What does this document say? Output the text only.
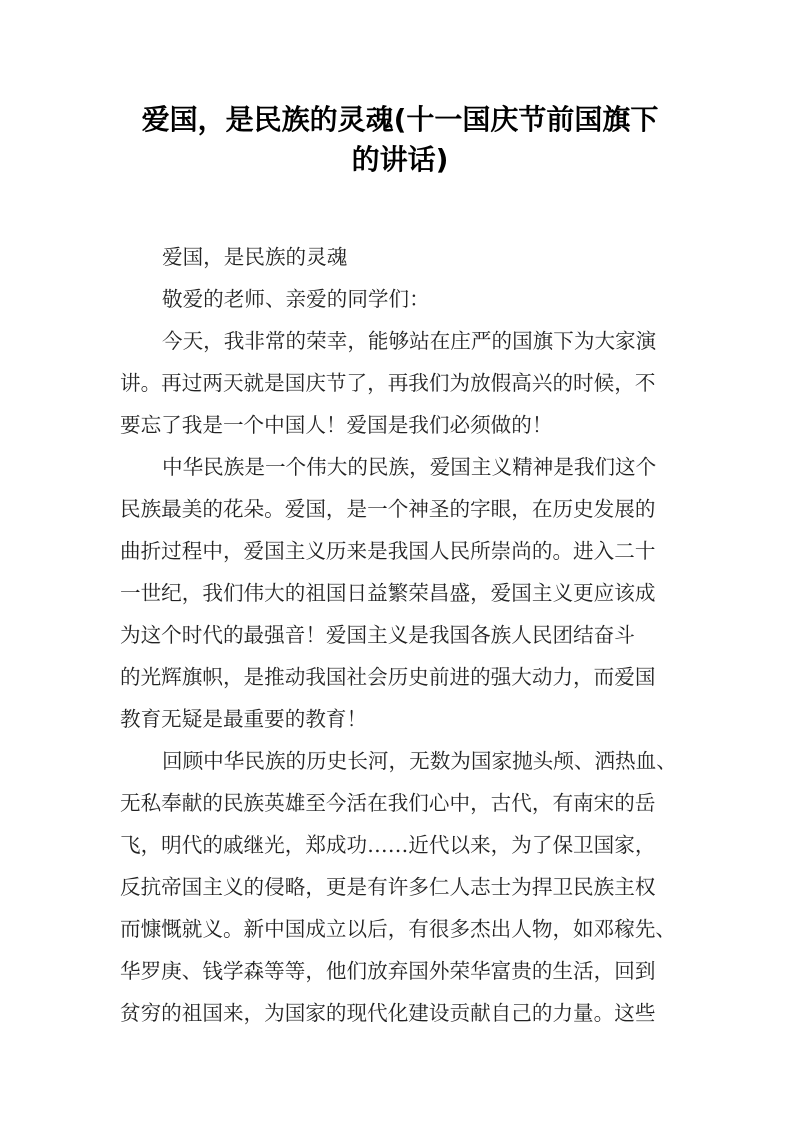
爱国，是民族的灵魂(十一国庆节前国旗下
的讲话)
爱国，是民族的灵魂
敬爱的老师、亲爱的同学们：
今天，我非常的荣幸，能够站在庄严的国旗下为大家演
讲。再过两天就是国庆节了，再我们为放假高兴的时候，不
要忘了我是一个中国人！爱国是我们必须做的！
中华民族是一个伟大的民族，爱国主义精神是我们这个
民族最美的花朵。爱国，是一个神圣的字眼，在历史发展的
曲折过程中，爱国主义历来是我国人民所崇尚的。进入二十
一世纪，我们伟大的祖国日益繁荣昌盛，爱国主义更应该成
为这个时代的最强音！爱国主义是我国各族人民团结奋斗
的光辉旗帜，是推动我国社会历史前进的强大动力，而爱国
教育无疑是最重要的教育！
回顾中华民族的历史长河，无数为国家抛头颅、洒热血、
无私奉献的民族英雄至今活在我们心中，古代，有南宋的岳
飞，明代的戚继光，郑成功……近代以来，为了保卫国家，
反抗帝国主义的侵略，更是有许多仁人志士为捍卫民族主权
而慷慨就义。新中国成立以后，有很多杰出人物，如邓稼先、
华罗庚、钱学森等等，他们放弃国外荣华富贵的生活，回到
贫穷的祖国来，为国家的现代化建设贡献自己的力量。这些
